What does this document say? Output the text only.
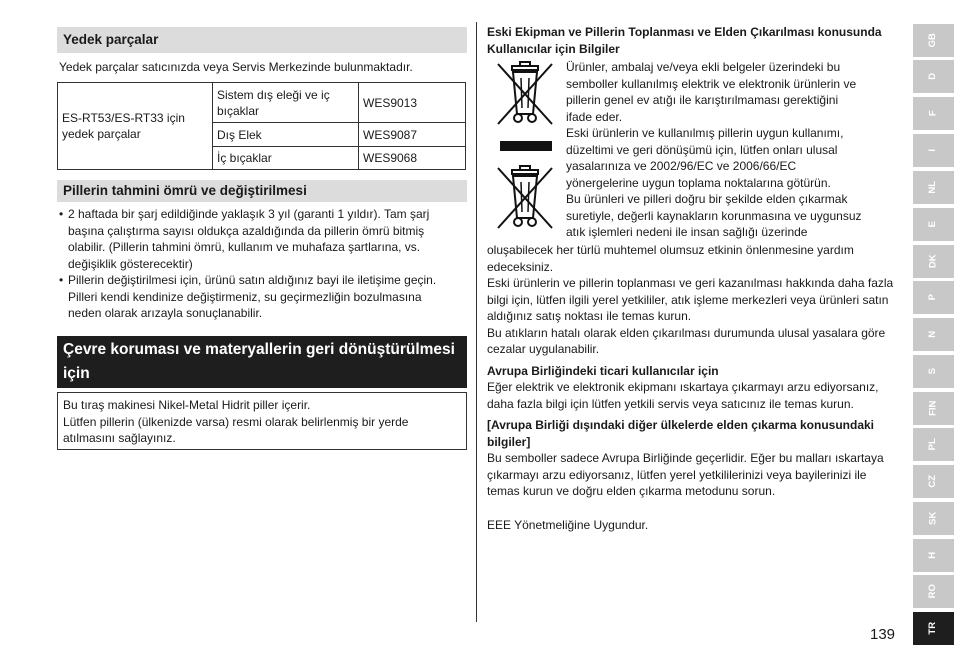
Yedek parçalar
Yedek parçalar satıcınızda veya Servis Merkezinde bulunmaktadır.
ES-RT53/ES-RT33 için yedek parçalar	Sistem dış eleği ve iç bıçaklar	WES9013
	Dış Elek	WES9087
	İç bıçaklar	WES9068
Pillerin tahmini ömrü ve değiştirilmesi
• 2 haftada bir şarj edildiğinde yaklaşık 3 yıl (garanti 1 yıldır). Tam şarj başına çalıştırma sayısı oldukça azaldığında da pillerin ömrü bitmiş olabilir. (Pillerin tahmini ömrü, kullanım ve muhafaza şartlarına, vs. değişiklik gösterecektir)
• Pillerin değiştirilmesi için, ürünü satın aldığınız bayi ile iletişime geçin. Pilleri kendi kendinize değiştirmeniz, su geçirmezliğin bozulmasına neden olarak arızayla sonuçlanabilir.
Çevre koruması ve materyallerin geri dönüştürülmesi için

Bu tıraş makinesi Nikel-Metal Hidrit piller içerir.

Lütfen pillerin (ülkenizde varsa) resmi olarak belirlenmiş bir yerde atılmasını sağlayınız.

Eski Ekipman ve Pillerin Toplanması ve Elden Çıkarılması konusunda Kullanıcılar için Bilgiler

Ürünler, ambalaj ve/veya ekli belgeler üzerindeki bu

semboller kullanılmış elektrik ve elektronik ürünlerin ve

pillerin genel ev atığı ile karıştırılmaması gerektiğini

ifade eder.

Eski ürünlerin ve kullanılmış pillerin uygun kullanımı,

düzeltimi ve geri dönüşümü için, lütfen onları ulusal

yasalarınıza ve 2002/96/EC ve 2006/66/EC

yönergelerine uygun toplama noktalarına götürün.

Bu ürünleri ve pilleri doğru bir şekilde elden çıkarmak

suretiyle, değerli kaynakların korunmasına ve uygunsuz

atık işlemleri nedeni ile insan sağlığı üzerinde

oluşabilecek her türlü muhtemel olumsuz etkinin önlenmesine yardım edeceksiniz.

Eski ürünlerin ve pillerin toplanması ve geri kazanılması hakkında daha fazla bilgi için, lütfen ilgili yerel yetkililer, atık işleme merkezleri veya ürünleri satın aldığınız satış noktası ile temas kurun.

Bu atıkların hatalı olarak elden çıkarılması durumunda ulusal yasalara göre cezalar uygulanabilir.

Avrupa Birliğindeki ticari kullanıcılar için

Eğer elektrik ve elektronik ekipmanı ıskartaya çıkarmayı arzu ediyorsanız, daha fazla bilgi için lütfen yetkili servis veya satıcınız ile temas kurun.

[Avrupa Birliği dışındaki diğer ülkelerde elden çıkarma konusundaki bilgiler]

Bu semboller sadece Avrupa Birliğinde geçerlidir. Eğer bu malları ıskartaya çıkarmayı arzu ediyorsanız, lütfen yerel yetkililerinizi veya bayilerinizi ile temas kurun ve doğru elden çıkarma metodunu sorun.

EEE Yönetmeliğine Uygundur.

139
GB
D
F
I
NL
E
DK
P
N
S
FIN
PL
CZ
SK
H
RO
TR
